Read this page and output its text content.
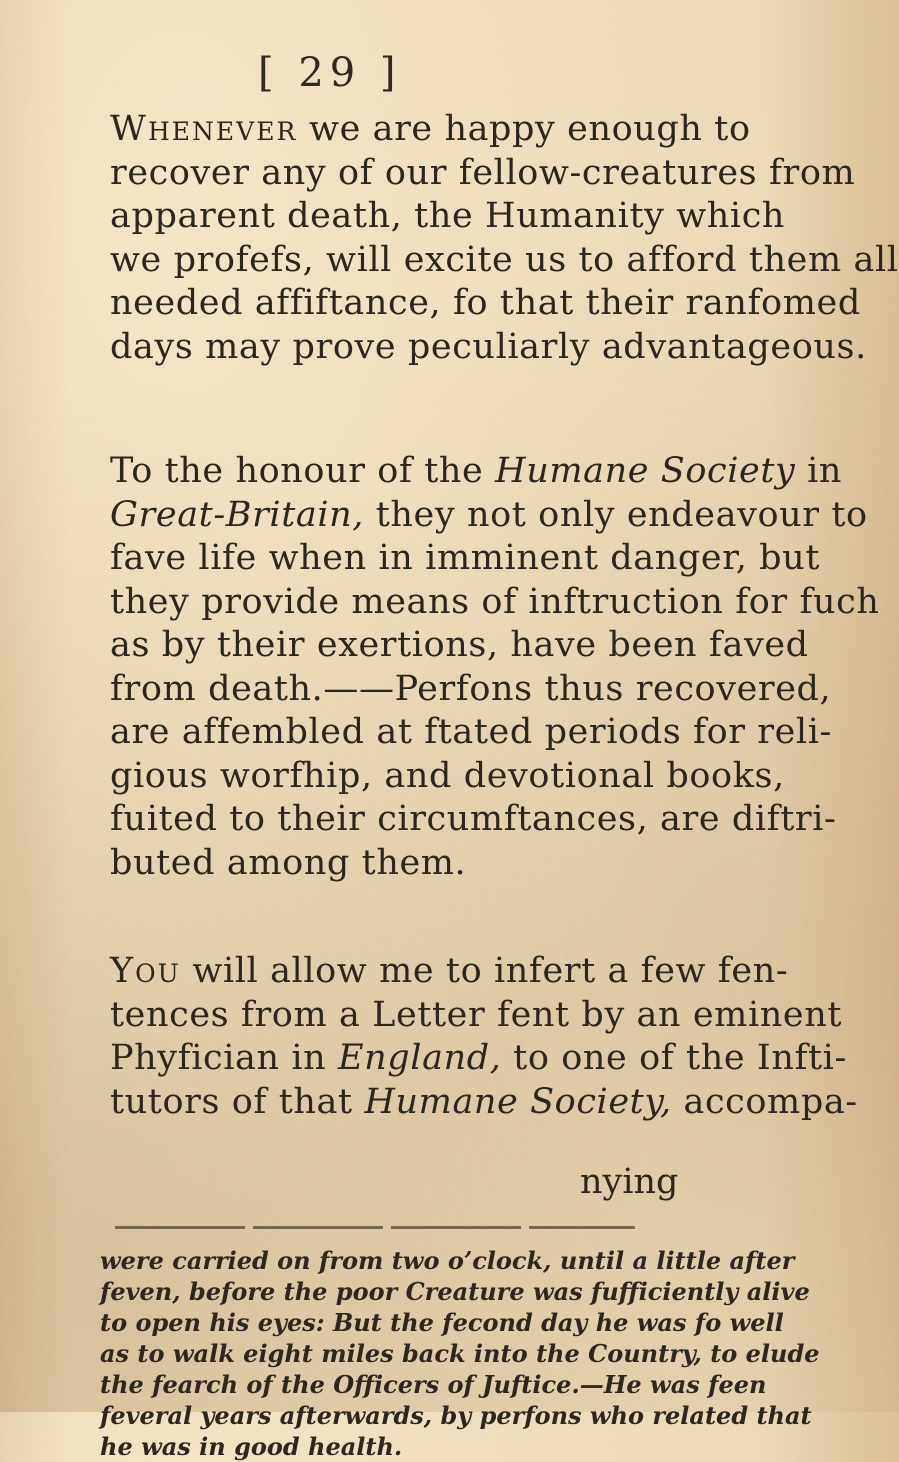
[ 29 ]
Whenever we are happy enough to
recover any of our fellow-creatures from
apparent death, the Humanity which
we profefs, will excite us to afford them all
needed affiftance, fo that their ranfomed
days may prove peculiarly advantageous.
To the honour of the Humane Society in
Great-Britain, they not only endeavour to
fave life when in imminent danger, but
they provide means of inftruction for fuch
as by their exertions, have been faved
from death.——Perfons thus recovered,
are affembled at ftated periods for reli-
gious worfhip, and devotional books,
fuited to their circumftances, are diftri-
buted among them.
You will allow me to infert a few fen-
tences from a Letter fent by an eminent
Phyfician in England, to one of the Infti-
tutors of that Humane Society, accompa-
nying
were carried on from two o’clock, until a little after
feven, before the poor Creature was fufficiently alive
to open his eyes: But the fecond day he was fo well
as to walk eight miles back into the Country, to elude
the fearch of the Officers of Juftice.—He was feen
feveral years afterwards, by perfons who related that
he was in good health.
